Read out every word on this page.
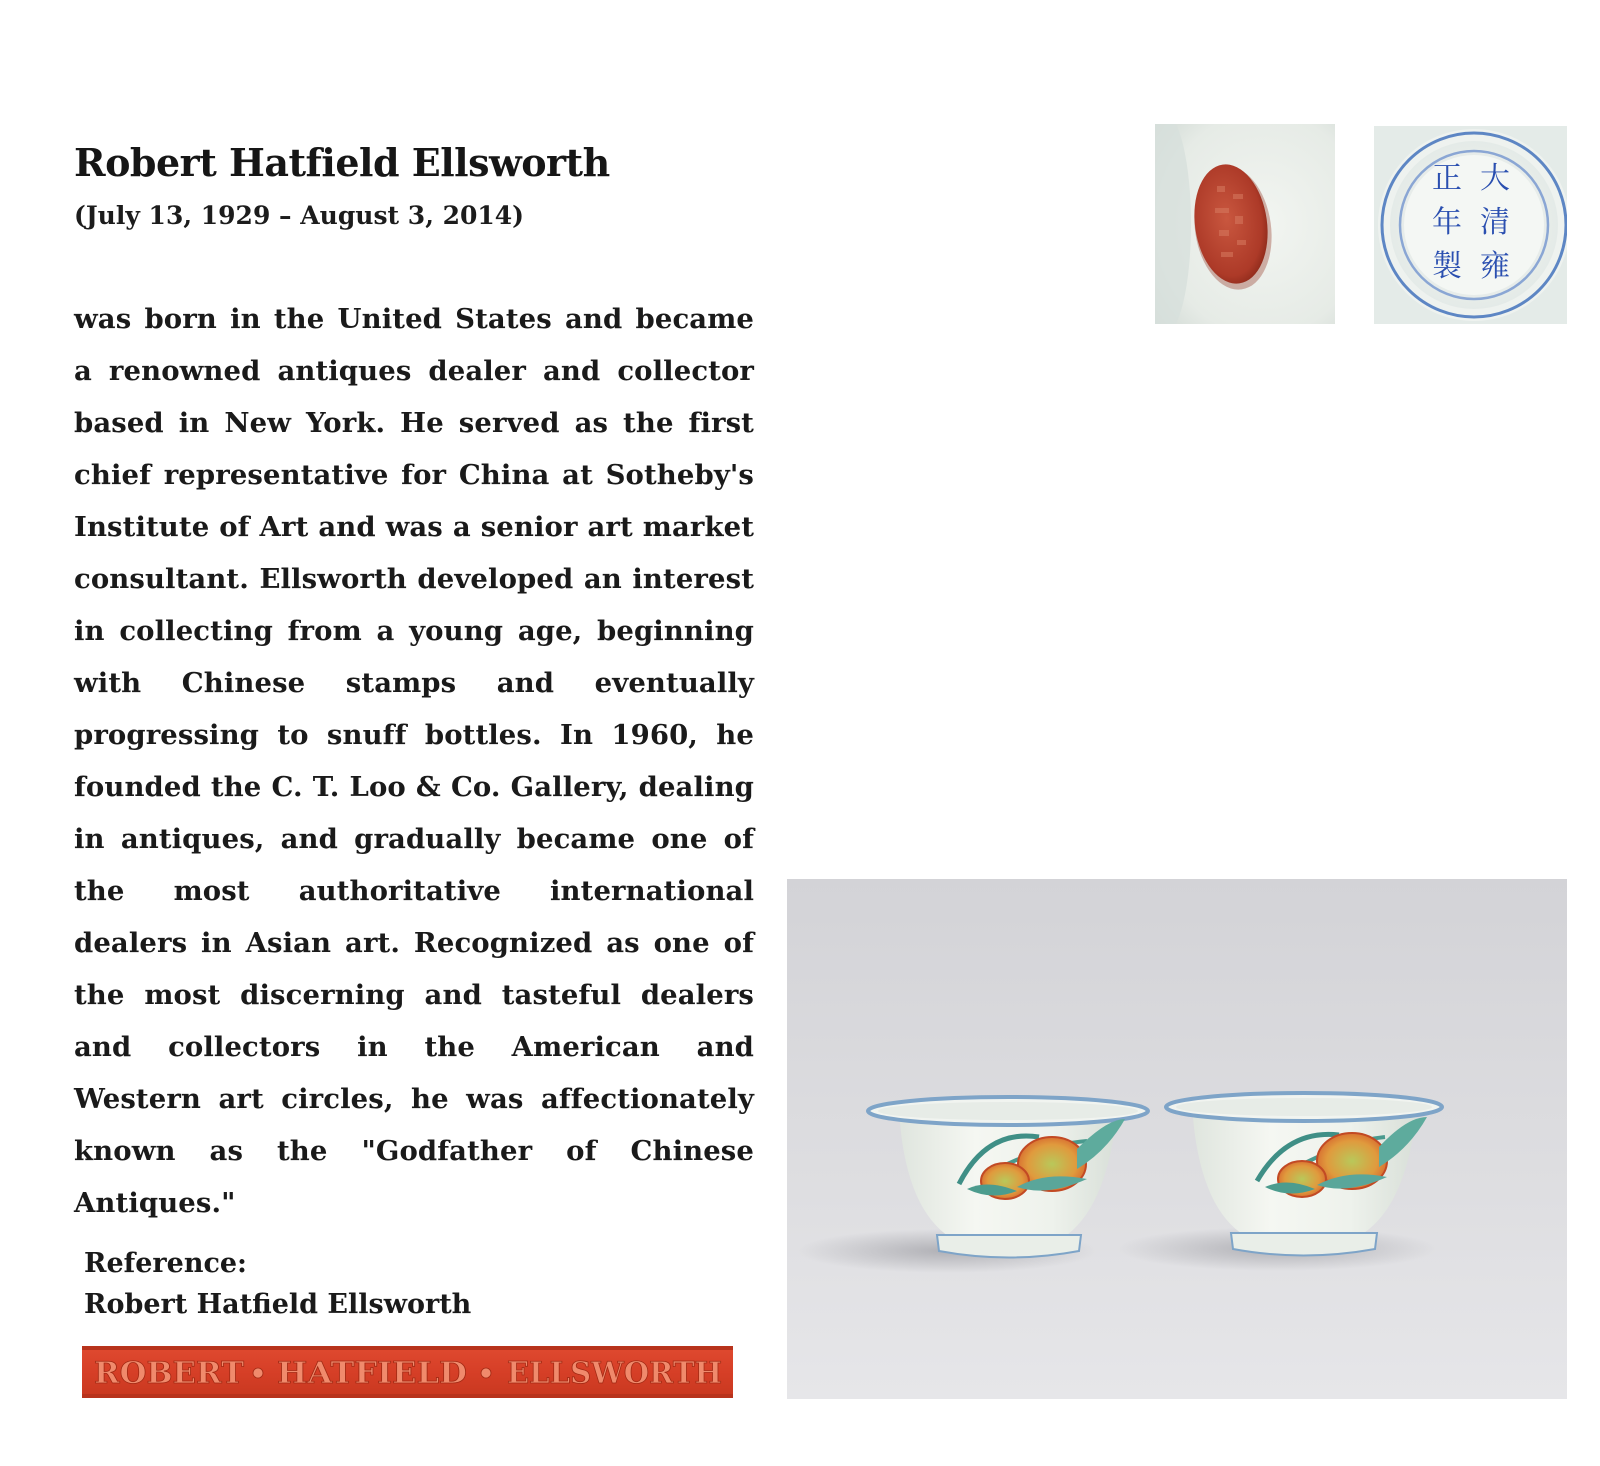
Robert Hatfield Ellsworth
(July 13, 1929 – August 3, 2014)

was born in the United States and became a renowned antiques dealer and collector based in New York. He served as the first chief representative for China at Sotheby's Institute of Art and was a senior art market consultant. Ellsworth developed an interest in collecting from a young age, beginning with Chinese stamps and eventually progressing to snuff bottles. In 1960, he founded the C. T. Loo & Co. Gallery, dealing in antiques, and gradually became one of the most authoritative international dealers in Asian art. Recognized as one of the most discerning and tasteful dealers and collectors in the American and Western art circles, he was affectionately known as the "Godfather of Chinese Antiques."

Reference:
Robert Hatfield Ellsworth
ROBERT HATFIELD ELLSWORTH
大
清
雍
正
年
製
